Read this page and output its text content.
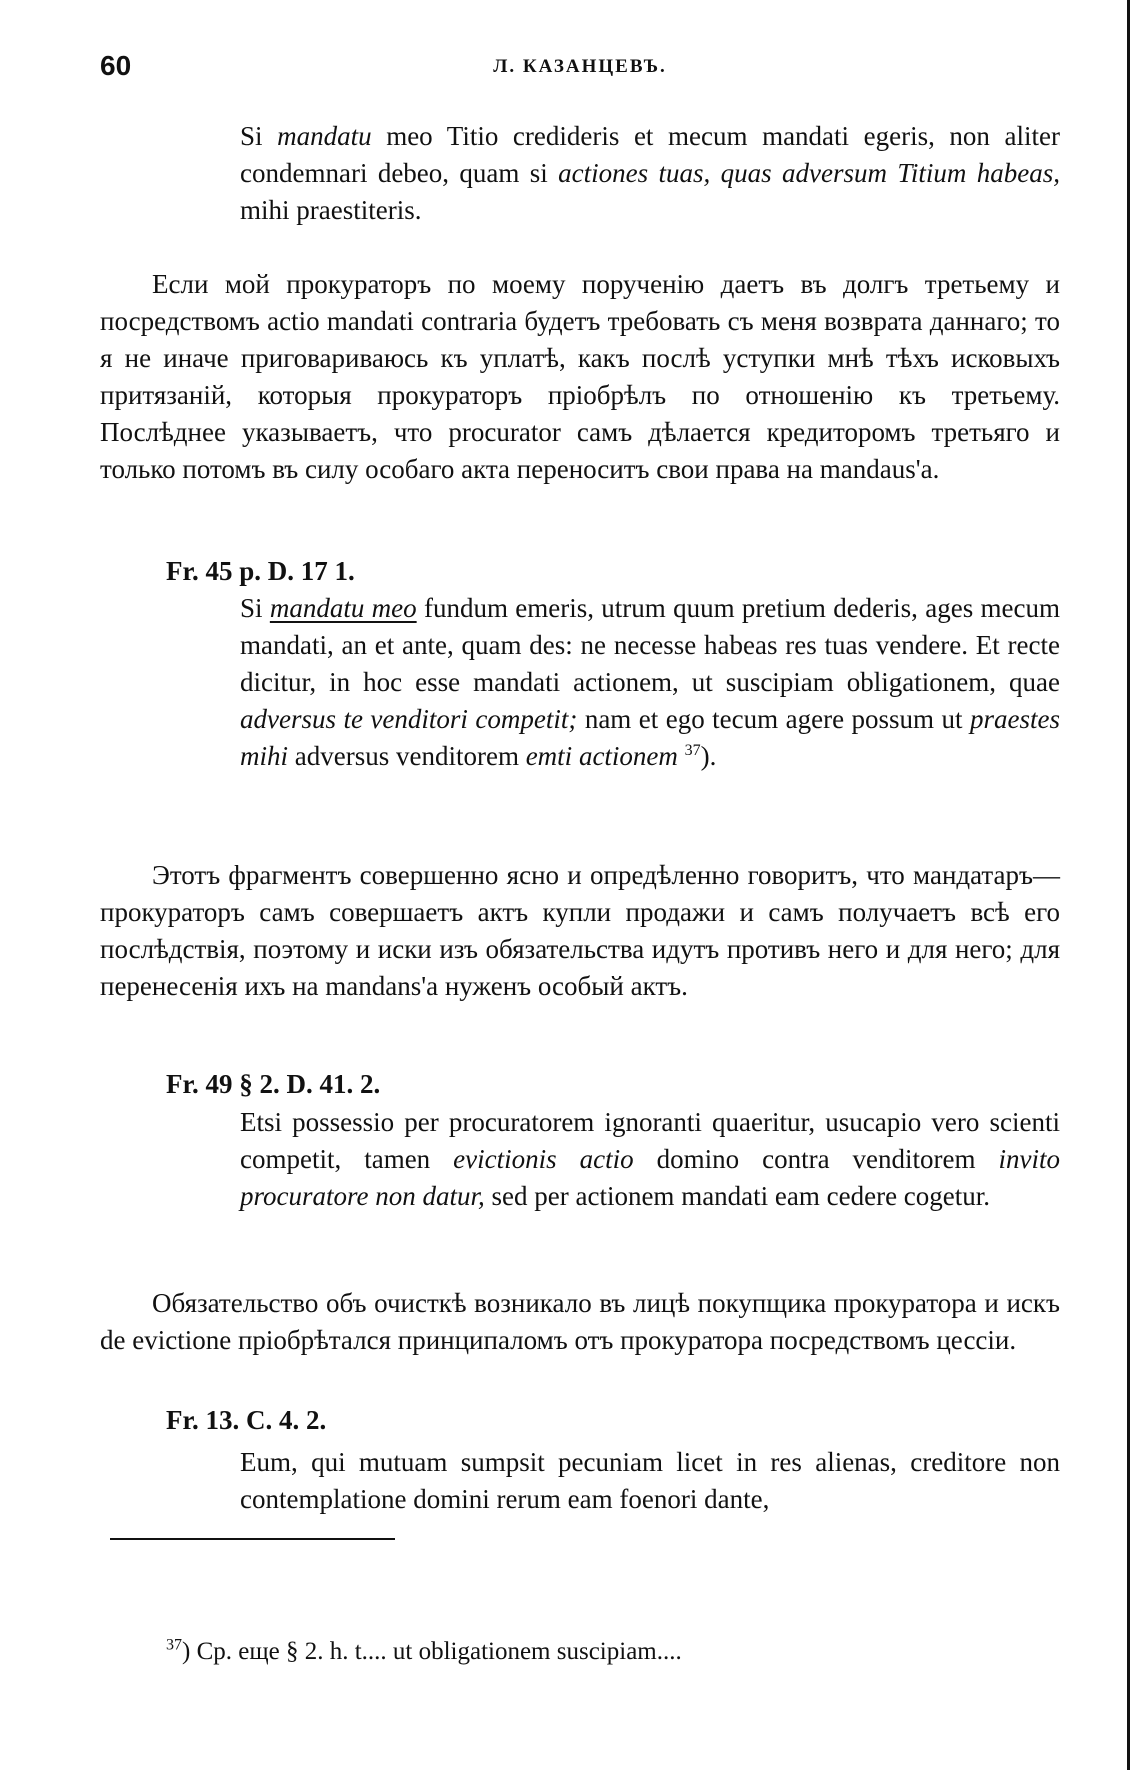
60	Л. КАЗАНЦЕВЪ.
Si mandatu meo Titio credideris et mecum mandati egeris, non aliter condemnari debeo, quam si actiones tuas, quas adversum Titium habeas, mihi praestiteris.
Если мой прокураторъ по моему порученію даетъ въ долгъ третьему и посредствомъ actio mandati contraria будетъ требовать съ меня возврата даннаго; то я не иначе приговариваюсь къ уплатѣ, какъ послѣ уступки мнѣ тѣхъ исковыхъ притязаній, которыя прокураторъ пріобрѣлъ по отношенію къ третьему. Послѣднее указываетъ, что procurator самъ дѣлается кредиторомъ третьяго и только потомъ въ силу особаго акта переноситъ свои права на mandaus'а.
Fr. 45 p. D. 17 1.
Si mandatu meo fundum emeris, utrum quum pretium dederis, ages mecum mandati, an et ante, quam des: ne necesse habeas res tuas vendere. Et recte dicitur, in hoc esse mandati actionem, ut suscipiam obligationem, quae adversus te venditori competit; nam et ego tecum agere possum ut praestes mihi adversus venditorem emti actionem $^{37}$).
Этотъ фрагментъ совершенно ясно и опредѣленно говоритъ, что мандатаръ—прокураторъ самъ совершаетъ актъ купли продажи и самъ получаетъ всѣ его послѣдствія, поэтому и иски изъ обязательства идутъ противъ него и для него; для перенесенія ихъ на mandans'а нуженъ особый актъ.
Fr. 49 § 2. D. 41. 2.
Etsi possessio per procuratorem ignoranti quaeritur, usucapio vero scienti competit, tamen evictionis actio domino contra venditorem invito procuratore non datur, sed per actionem mandati eam cedere cogetur.
Обязательство объ очисткѣ возникало въ лицѣ покупщика прокуратора и искъ de evictione пріобрѣтался принципаломъ отъ прокуратора посредствомъ цессіи.
Fr. 13. C. 4. 2.
Eum, qui mutuam sumpsit pecuniam licet in res alienas, creditore non contemplatione domini rerum eam foenori dante,
$^{37}$) Ср. еще § 2. h. t.... ut obligationem suscipiam....
